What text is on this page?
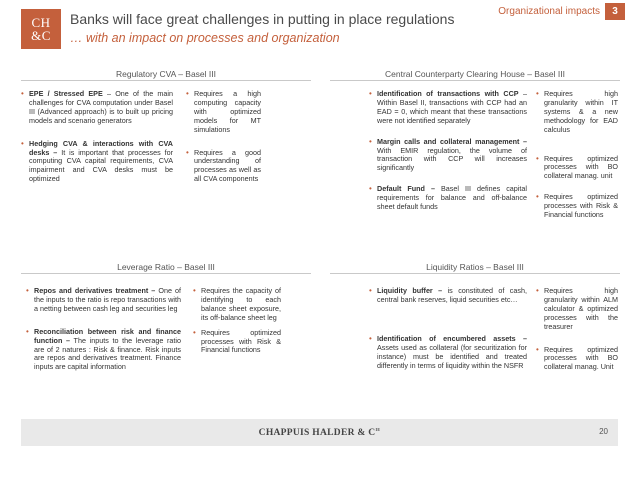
CH
&C
Banks will face great challenges in putting in place regulations
… with an impact on processes and organization
Organizational impacts	3
Regulatory CVA – Basel III
• EPE / Stressed EPE – One of the main challenges for CVA computation under Basel III (Advanced approach) is to built up pricing models and scenario generators
• Hedging CVA & interactions with CVA desks – It is important that processes for computing CVA capital requirements, CVA impairment and CVA desks must be optimized
• Requires a high computing capacity with optimized models for MT simulations
• Requires a good understanding of processes as well as all CVA components
Central Counterparty Clearing House – Basel III
• Identification of transactions with CCP – Within Basel II, transactions with CCP had an EAD = 0, which meant that these transactions were not identified separately
• Margin calls and collateral management – With EMIR regulation, the volume of transaction with CCP will increases significantly
• Default Fund – Basel III defines capital requirements for balance and off-balance sheet default funds
• Requires high granularity within IT systems & a new methodology for EAD calculus
• Requires optimized processes with BO collateral manag. unit
• Requires optimized processes with Risk & Financial functions
Leverage Ratio – Basel III
• Repos and derivatives treatment – One of the inputs to the ratio is repo transactions with a netting between cash leg and securities leg
• Reconciliation between risk and finance function – The inputs to the leverage ratio are of 2 natures : Risk & finance. Risk inputs are repos and derivatives treatment. Finance inputs are capital information
• Requires the capacity of identifying to each balance sheet exposure, its off-balance sheet leg
• Requires optimized processes with Risk & Financial functions
Liquidity Ratios – Basel III
• Liquidity buffer – is constituted of cash, central bank reserves, liquid securities etc…
• Identification of encumbered assets – Assets used as collateral (for securitization for instance) must be identified and treated differently in terms of liquidity within the NSFR
• Requires high granularity within ALM calculator & optimized processes with the treasurer
• Requires optimized processes with BO collateral manag. Unit
CHAPPUIS HALDER & $C^{ie}$	20
